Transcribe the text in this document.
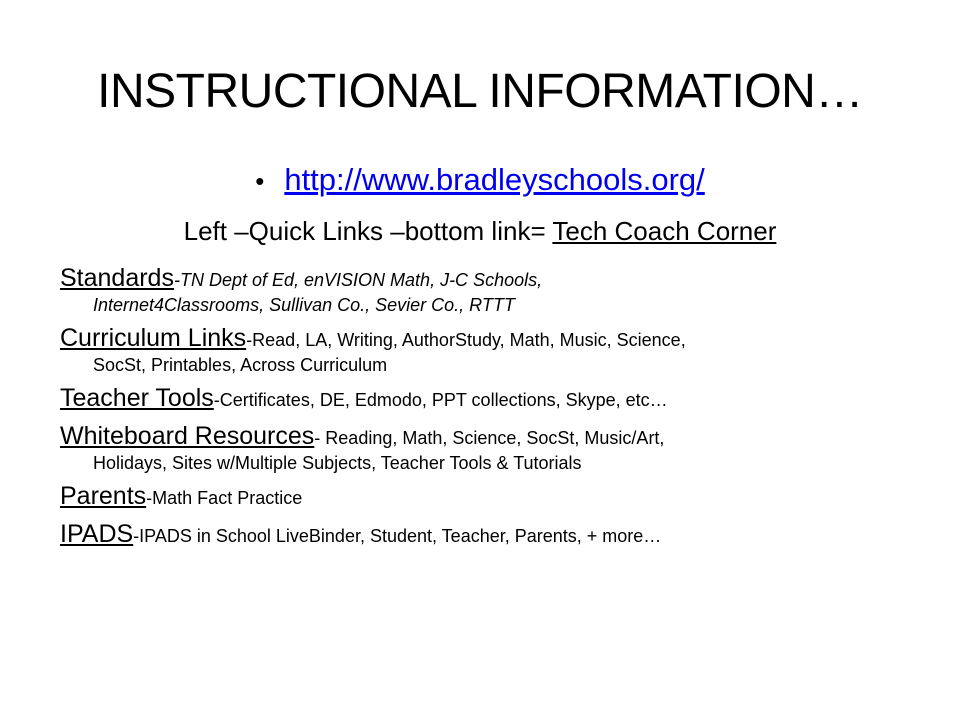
INSTRUCTIONAL INFORMATION…
• http://www.bradleyschools.org/
Left –Quick Links –bottom link= Tech Coach Corner
Standards-TN Dept of Ed, enVISION Math, J-C Schools,
Internet4Classrooms, Sullivan Co., Sevier Co., RTTT
Curriculum Links-Read, LA, Writing, AuthorStudy, Math, Music, Science,
SocSt, Printables, Across Curriculum
Teacher Tools-Certificates, DE, Edmodo, PPT collections, Skype, etc…
Whiteboard Resources- Reading, Math, Science, SocSt, Music/Art,
Holidays, Sites w/Multiple Subjects, Teacher Tools & Tutorials
Parents-Math Fact Practice
IPADS-IPADS in School LiveBinder, Student, Teacher, Parents, + more…
